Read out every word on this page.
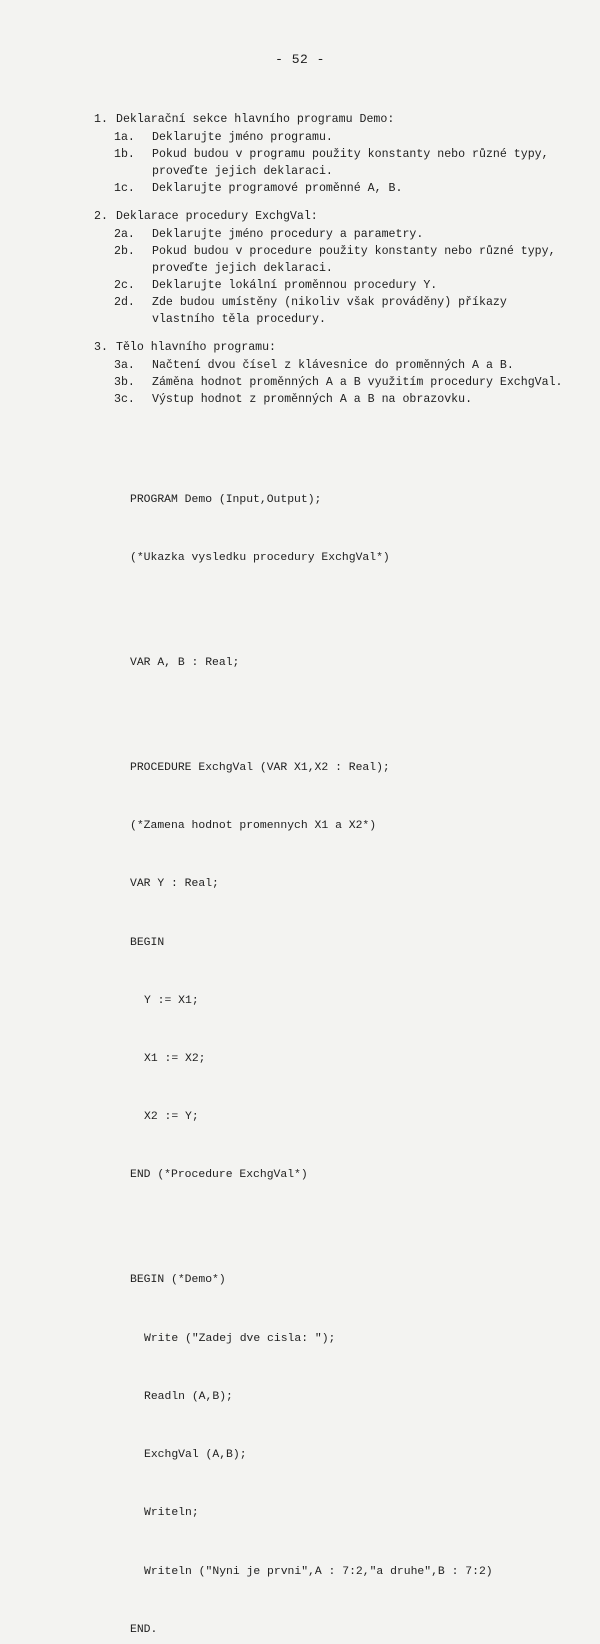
- 52 -
1. Deklarační sekce hlavního programu Demo:
1a.	Deklarujte jméno programu.
1b.	Pokud budou v programu použity konstanty nebo různé typy, proveďte jejich deklaraci.
1c.	Deklarujte programové proměnné A, B.
2. Deklarace procedury ExchgVal:
2a.	Deklarujte jméno procedury a parametry.
2b.	Pokud budou v procedure použity konstanty nebo různé typy, proveďte jejich deklaraci.
2c.	Deklarujte lokální proměnnou procedury Y.
2d.	Zde budou umístěny (nikoliv však prováděny) příkazy vlastního těla procedury.
3. Tělo hlavního programu:
3a.	Načtení dvou čísel z klávesnice do proměnných A a B.
3b.	Záměna hodnot proměnných A a B využitím procedury ExchgVal.
3c.	Výstup hodnot z proměnných A a B na obrazovku.

PROGRAM Demo (Input,Output);

(*Ukazka vysledku procedury ExchgVal*)

VAR A, B : Real;

PROCEDURE ExchgVal (VAR X1,X2 : Real);

(*Zamena hodnot promennych X1 a X2*)

VAR Y : Real;

BEGIN

Y := X1;

X1 := X2;

X2 := Y;

END (*Procedure ExchgVal*)

BEGIN (*Demo*)

Write ("Zadej dve cisla: ");

Readln (A,B);

ExchgVal (A,B);

Writeln;

Writeln ("Nyni je prvni",A : 7:2,"a druhe",B : 7:2)

END.
